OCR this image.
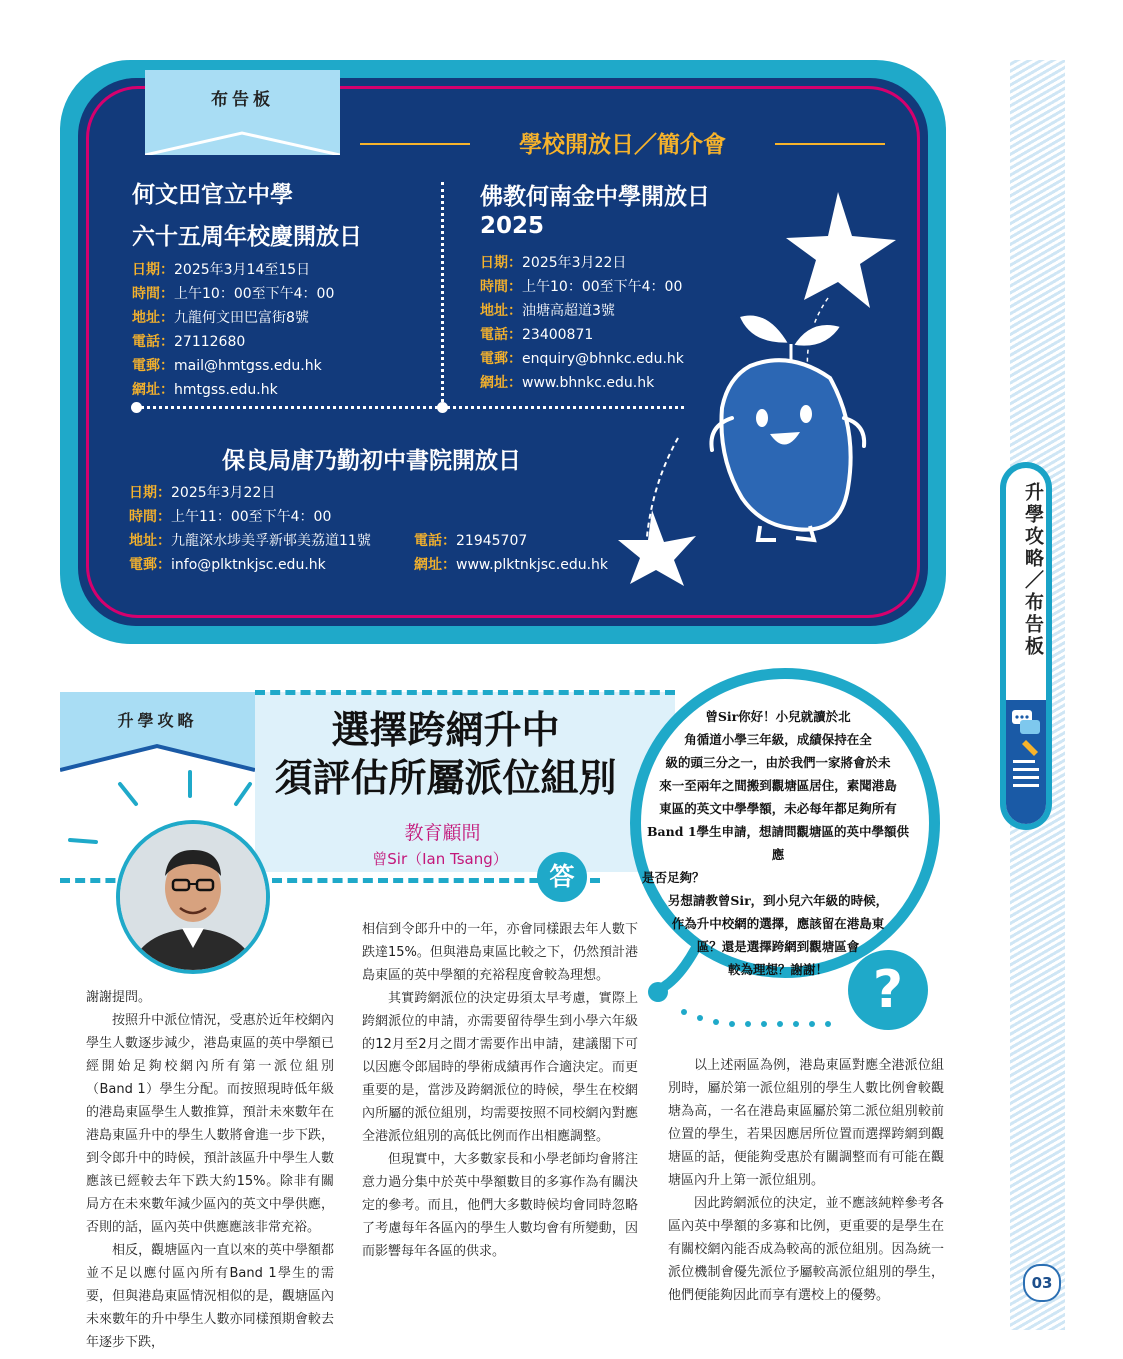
升學攻略／布告板
03
布告板
學校開放日／簡介會
何文田官立中學
六十五周年校慶開放日
日期：2025年3月14至15日
時間：上午10：00至下午4：00
地址：九龍何文田巴富街8號
電話：27112680
電郵：mail@hmtgss.edu.hk
網址：hmtgss.edu.hk
佛教何南金中學開放日
2025
日期：2025年3月22日
時間：上午10：00至下午4：00
地址：油塘高超道3號
電話：23400871
電郵：enquiry@bhnkc.edu.hk
網址：www.bhnkc.edu.hk
保良局唐乃勤初中書院開放日
日期：2025年3月22日
時間：上午11：00至下午4：00
地址：九龍深水埗美孚新邨美荔道11號
電郵：info@plktnkjsc.edu.hk
電話：21945707
網址：www.plktnkjsc.edu.hk
升學攻略	選擇跨網升中
須評估所屬派位組別
教育顧問
曾Sir（Ian Tsang）
答
曾Sir你好！小兒就讀於北
角循道小學三年級，成績保持在全
級的頭三分之一，由於我們一家將會於未
來一至兩年之間搬到觀塘區居住，素聞港島
東區的英文中學學額，未必每年都足夠所有
Band 1學生申請，想請問觀塘區的英中學額供應
是否足夠？
另想請教曾Sir，到小兒六年級的時候，
作為升中校網的選擇，應該留在港島東
區？還是選擇跨網到觀塘區會
較為理想？謝謝！ ?

謝謝提問。

按照升中派位情況，受惠於近年校網內學生人數逐步減少，港島東區的英中學額已經開始足夠校網內所有第一派位組別（Band 1）學生分配。而按照現時低年級的港島東區學生人數推算，預計未來數年在港島東區升中的學生人數將會進一步下跌，到令郎升中的時候，預計該區升中學生人數應該已經較去年下跌大約15%。除非有關局方在未來數年減少區內的英文中學供應，否則的話，區內英中供應應該非常充裕。

相反，觀塘區內一直以來的英中學額都並不足以應付區內所有Band 1學生的需要，但與港島東區情況相似的是，觀塘區內未來數年的升中學生人數亦同樣預期會較去年逐步下跌，

相信到令郎升中的一年，亦會同樣跟去年人數下跌達15%。但與港島東區比較之下，仍然預計港島東區的英中學額的充裕程度會較為理想。

其實跨網派位的決定毋須太早考慮，實際上跨網派位的申請，亦需要留待學生到小學六年級的12月至2月之間才需要作出申請，建議閣下可以因應令郎屆時的學術成績再作合適決定。而更重要的是，當涉及跨網派位的時候，學生在校網內所屬的派位組別，均需要按照不同校網內對應全港派位組別的高低比例而作出相應調整。

但現實中，大多數家長和小學老師均會將注意力過分集中於英中學額數目的多寡作為有關決定的參考。而且，他們大多數時候均會同時忽略了考慮每年各區內的學生人數均會有所變動，因而影響每年各區的供求。

以上述兩區為例，港島東區對應全港派位組別時，屬於第一派位組別的學生人數比例會較觀塘為高，一名在港島東區屬於第二派位組別較前位置的學生，若果因應居所位置而選擇跨網到觀塘區的話，便能夠受惠於有關調整而有可能在觀塘區內升上第一派位組別。

因此跨網派位的決定，並不應該純粹參考各區內英中學額的多寡和比例，更重要的是學生在有關校網內能否成為較高的派位組別。因為統一派位機制會優先派位予屬較高派位組別的學生，他們便能夠因此而享有選校上的優勢。
